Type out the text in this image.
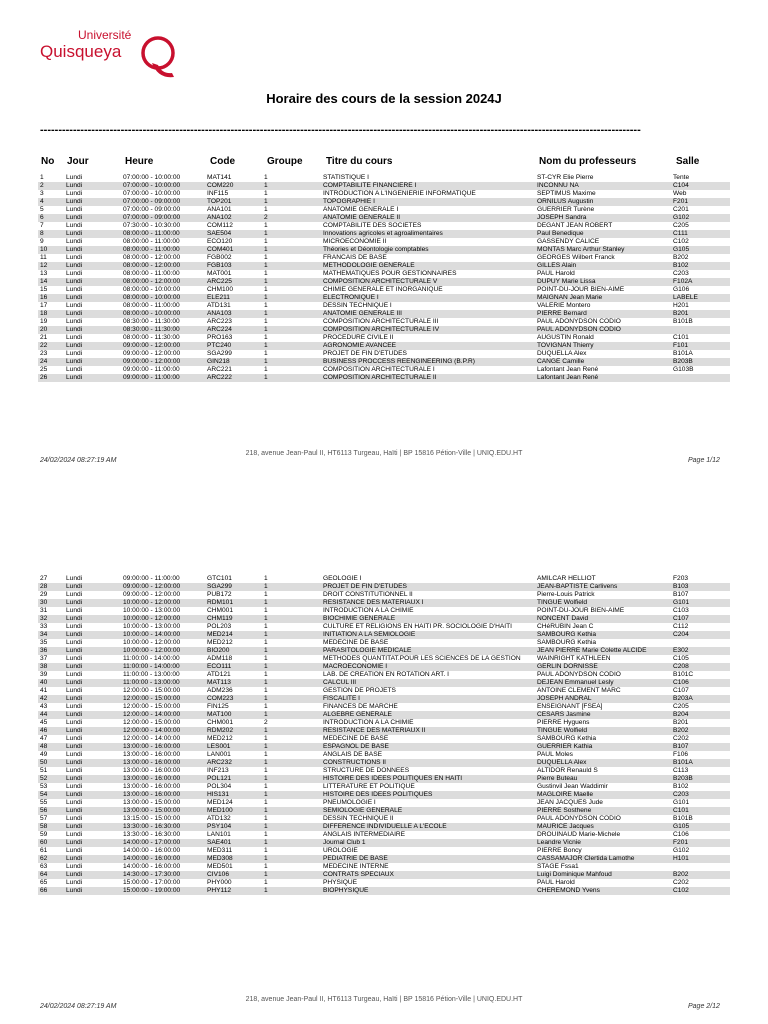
Université
Quisqueya
Horaire des cours de la session 2024J
--------------------------------------------------------------------------------------------------------------------------------------------------------------------
No Jour	Heure	Code	Groupe Titre du cours	Nom du professeurs	Salle
1	Lundi	07:00:00 - 10:00:00	MAT141	1	STATISTIQUE I	ST-CYR Elie Pierre	Tente
2	Lundi	07:00:00 - 10:00:00	COM220	1	COMPTABILITE FINANCIERE I	INCONNU NA	C104
3	Lundi	07:00:00 - 10:00:00	INF115	1	INTRODUCTION A L'INGENIERIE INFORMATIQUE	SEPTIMUS Maxime	Web
4	Lundi	07:00:00 - 09:00:00	TOP201	1	TOPOGRAPHIE I	ORNILUS Augustin	F201
5	Lundi	07:00:00 - 09:00:00	ANA101	1	ANATOMIE GENERALE I	GUERRIER Turène	C201
6	Lundi	07:00:00 - 09:00:00	ANA102	2	ANATOMIE GENERALE II	JOSEPH Sandra	G102
7	Lundi	07:30:00 - 10:30:00	COM112	1	COMPTABILITE DES SOCIETES	DEGANT JEAN ROBERT	C205
8	Lundi	08:00:00 - 11:00:00	SAE504	1	Innovations agricoles et agroalimentaires	Paul Benedique	C111
9	Lundi	08:00:00 - 11:00:00	ECO120	1	MICROECONOMIE II	GASSENDY CALICE	C102
10	Lundi	08:00:00 - 11:00:00	COM401	1	Théories et Déontologie comptables	MONTAS Marc Arthur Stanley	G105
11	Lundi	08:00:00 - 12:00:00	FGB002	1	FRANCAIS DE BASE	GEORGES Wilbert Franck	B202
12	Lundi	08:00:00 - 12:00:00	FGB103	1	METHODOLOGIE GENERALE	GILLES Alain	B102
13	Lundi	08:00:00 - 11:00:00	MAT001	1	MATHEMATIQUES POUR GESTIONNAIRES	PAUL Harold	C203
14	Lundi	08:00:00 - 12:00:00	ARC225	1	COMPOSITION ARCHITECTURALE V	DUPUY Marie Lissa	F102A
15	Lundi	08:00:00 - 10:00:00	CHM100	1	CHIMIE GENERALE ET INORGANIQUE	POINT-DU-JOUR BIEN-AIME	G106
16	Lundi	08:00:00 - 10:00:00	ELE211	1	ELECTRONIQUE I	MAIGNAN Jean Marie	LABELE
17	Lundi	08:00:00 - 11:00:00	ATD131	1	DESSIN TECHNIQUE I	VALERIE Montero	H201
18	Lundi	08:00:00 - 10:00:00	ANA103	1	ANATOMIE GENERALE III	PIERRE Bernard	B201
19	Lundi	08:30:00 - 11:30:00	ARC223	1	COMPOSITION ARCHITECTURALE III	PAUL ADONYDSON CODIO	B101B
20	Lundi	08:30:00 - 11:30:00	ARC224	1	COMPOSITION ARCHITECTURALE IV	PAUL ADONYDSON CODIO	
21	Lundi	08:00:00 - 11:30:00	PRO163	1	PROCEDURE CIVILE II	AUGUSTIN Ronald	C101
22	Lundi	09:00:00 - 12:00:00	PTC240	1	AGRONOMIE AVANCEE	TOVIGNAN Thierry	F101
23	Lundi	09:00:00 - 12:00:00	SGA299	1	PROJET DE FIN D'ETUDES	DUQUELLA Alex	B101A
24	Lundi	09:00:00 - 12:00:00	GIN218	1	BUSINESS PROCCESS REENGINEERING (B.P.R)	CANGE Camille	B203B
25	Lundi	09:00:00 - 11:00:00	ARC221	1	COMPOSITION ARCHITECTURALE I	Lafontant Jean René	G103B
26	Lundi	09:00:00 - 11:00:00	ARC222	1	COMPOSITION ARCHITECTURALE II	Lafontant Jean René	
218, avenue Jean-Paul II, HT6113 Turgeau, Haïti | BP 15816 Pétion-Ville | UNIQ.EDU.HT
24/02/2024 08:27:19 AM	Page 1/12
27	Lundi	09:00:00 - 11:00:00	GTC101	1	GEOLOGIE I	AMILCAR HELLIOT	F203
28	Lundi	09:00:00 - 12:00:00	SGA299	1	PROJET DE FIN D'ETUDES	JEAN-BAPTISTE Carlivens	B103
29	Lundi	09:00:00 - 12:00:00	PUB172	1	DROIT CONSTITUTIONNEL II	Pierre-Louis Patrick	B107
30	Lundi	10:00:00 - 12:00:00	RDM101	1	RESISTANCE DES MATERIAUX I	TINGUE Wolfield	G101
31	Lundi	10:00:00 - 13:00:00	CHM001	1	INTRODUCTION A LA CHIMIE	POINT-DU-JOUR BIEN-AIME	C103
32	Lundi	10:00:00 - 12:00:00	CHM119	1	BIOCHIMIE GENERALE	NONCENT David	C107
33	Lundi	10:00:00 - 13:00:00	POL203	1	CULTURE ET RELIGIONS EN HAÏTI PR. SOCIOLOGIE D'HAITI	CHéRUBIN Jean C	C112
34	Lundi	10:00:00 - 14:00:00	MED214	1	INITIATION A LA SEMIOLOGIE	SAMBOURG Kethia	C204
35	Lundi	10:00:00 - 12:00:00	MED212	1	MEDECINE DE BASE	SAMBOURG Kethia	
36	Lundi	10:00:00 - 12:00:00	BIO200	1	PARASITOLOGIE MEDICALE	JEAN PIERRE Marie Colette ALCIDE	E302
37	Lundi	11:00:00 - 14:00:00	ADM118	1	METHODES QUANTITAT.POUR LES SCIENCES DE LA GESTION	WAINRIGHT KATHLEEN	C105
38	Lundi	11:00:00 - 14:00:00	ECO111	1	MACROECONOMIE I	GERLIN DORNISSE	C208
39	Lundi	11:00:00 - 13:00:00	ATD121	1	LAB. DE CREATION EN ROTATION ART. I	PAUL ADONYDSON CODIO	B101C
40	Lundi	11:00:00 - 13:00:00	MAT113	1	CALCUL III	DEJEAN Emmanuel Lesly	C106
41	Lundi	12:00:00 - 15:00:00	ADM236	1	GESTION DE PROJETS	ANTOINE CLEMENT MARC	C107
42	Lundi	12:00:00 - 15:00:00	COM223	1	FISCALITE I	JOSEPH ANDRAL	B203A
43	Lundi	12:00:00 - 15:00:00	FIN125	1	FINANCES DE MARCHE	ENSEIGNANT [FSEA]	C205
44	Lundi	12:00:00 - 14:00:00	MAT100	1	ALGEBRE GENERALE	CESARS Jasmine	B204
45	Lundi	12:00:00 - 15:00:00	CHM001	2	INTRODUCTION A LA CHIMIE	PIERRE Hyguens	B201
46	Lundi	12:00:00 - 14:00:00	RDM202	1	RESISTANCE DES MATERIAUX II	TINGUE Wolfield	B202
47	Lundi	12:00:00 - 14:00:00	MED212	1	MEDECINE DE BASE	SAMBOURG Kethia	C202
48	Lundi	13:00:00 - 16:00:00	LES001	1	ESPAGNOL DE BASE	GUERRIER Kathia	B107
49	Lundi	13:00:00 - 16:00:00	LAN001	1	ANGLAIS DE BASE	PAUL Moles	F106
50	Lundi	13:00:00 - 16:00:00	ARC232	1	CONSTRUCTIONS II	DUQUELLA Alex	B101A
51	Lundi	13:00:00 - 16:00:00	INF213	1	STRUCTURE DE DONNEES	ALTIDOR Renauld S	C113
52	Lundi	13:00:00 - 16:00:00	POL121	1	HISTOIRE DES IDÉES POLITIQUES EN HAÏTI	Pierre Buteau	B203B
53	Lundi	13:00:00 - 16:00:00	POL304	1	LITTÉRATURE ET POLITIQUE	Gustinvil Jean Waddimir	B102
54	Lundi	13:00:00 - 16:00:00	HIS131	1	HISTOIRE DES IDEES POLITIQUES	MAGLOIRE Maelle	C203
55	Lundi	13:00:00 - 15:00:00	MED124	1	PNEUMOLOGIE I	JEAN JACQUES Jude	G101
56	Lundi	13:00:00 - 15:00:00	MED100	1	SEMIOLOGIE GENERALE	PIERRE Sosthene	C101
57	Lundi	13:15:00 - 15:00:00	ATD132	1	DESSIN TECHNIQUE II	PAUL ADONYDSON CODIO	B101B
58	Lundi	13:30:00 - 16:30:00	PSY104	1	DIFFERENCE INDIVIDUELLE A L'ECOLE	MAURICE Jacques	G105
59	Lundi	13:30:00 - 16:30:00	LAN101	1	ANGLAIS INTERMEDIAIRE	DROUINAUD Marie-Michele	C106
60	Lundi	14:00:00 - 17:00:00	SAE401	1	Journal Club 1	Leandre Vicnie	F201
61	Lundi	14:00:00 - 16:00:00	MED311	1	UROLOGIE	PIERRE Boncy	G102
62	Lundi	14:00:00 - 16:00:00	MED308	1	PEDIATRIE DE BASE	CASSAMAJOR Clertida Lamothe	H101
63	Lundi	14:00:00 - 16:00:00	MED501	1	MEDECINE INTERNE	STAGE Fssa1	
64	Lundi	14:30:00 - 17:30:00	CIV106	1	CONTRATS SPECIAUX	Luigi Dominique Mahfoud	B202
65	Lundi	15:00:00 - 17:00:00	PHY000	1	PHYSIQUE	PAUL Harold	C202
66	Lundi	15:00:00 - 19:00:00	PHY112	1	BIOPHYSIQUE	CHEREMOND Yvens	C102
218, avenue Jean-Paul II, HT6113 Turgeau, Haïti | BP 15816 Pétion-Ville | UNIQ.EDU.HT
24/02/2024 08:27:19 AM	Page 2/12
